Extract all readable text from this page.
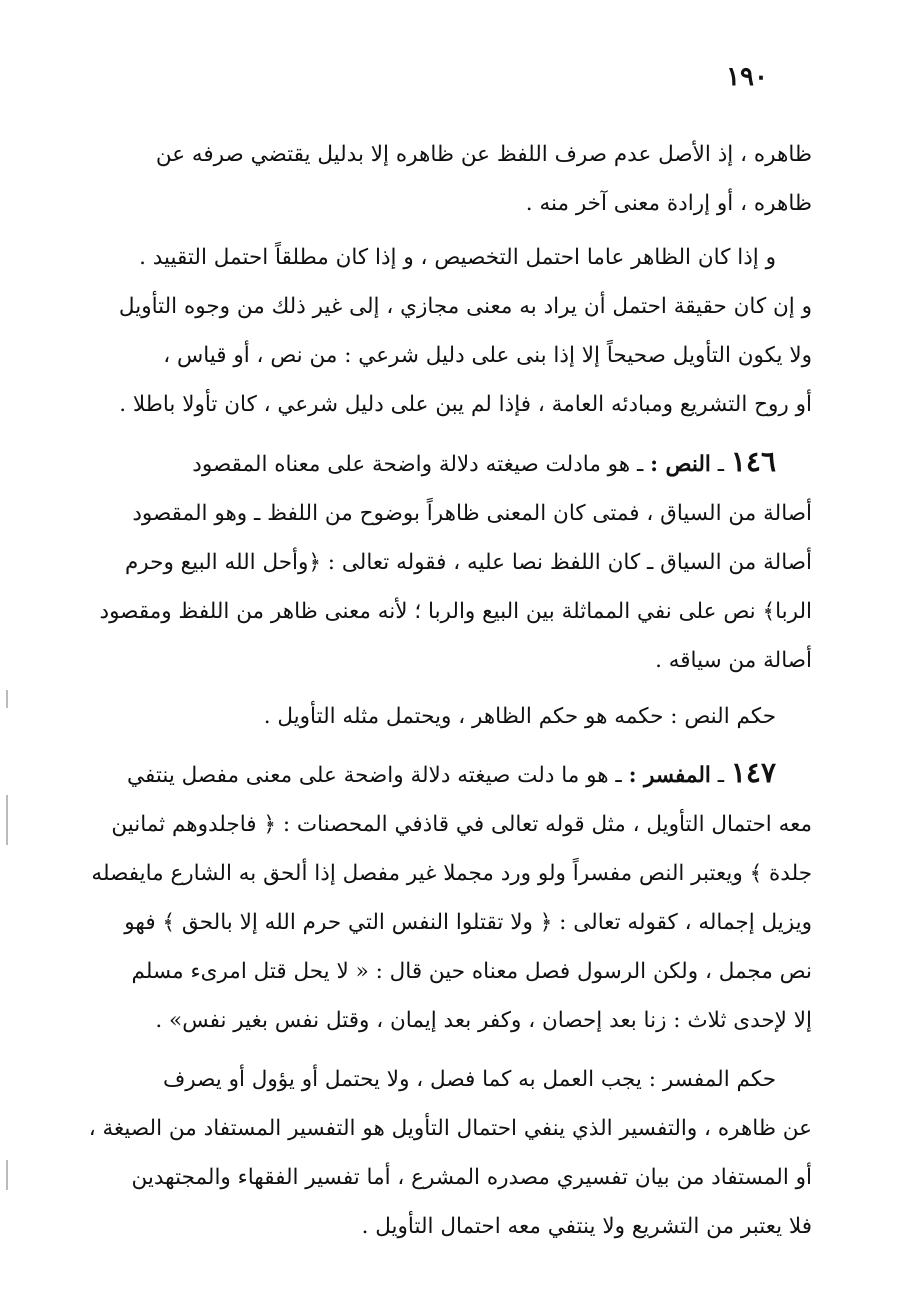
١٩٠
ظاهره ، إذ الأصل عدم صرف اللفظ عن ظاهره إلا بدليل يقتضي صرفه عن
ظاهره ، أو إرادة معنى آخر منه .
و إذا كان الظاهر عاما احتمل التخصيص ، و إذا كان مطلقاً احتمل التقييد .
و إن كان حقيقة احتمل أن يراد به معنى مجازي ، إلى غير ذلك من وجوه التأويل
ولا يكون التأويل صحيحاً إلا إذا بنى على دليل شرعي : من نص ، أو قياس ،
أو روح التشريع ومبادئه العامة ، فإذا لم يبن على دليل شرعي ، كان تأولا باطلا .
١٤٦ ـ النص : ـ هو مادلت صيغته دلالة واضحة على معناه المقصود
أصالة من السياق ، فمتى كان المعنى ظاهراً بوضوح من اللفظ ـ وهو المقصود
أصالة من السياق ـ كان اللفظ نصا عليه ، فقوله تعالى : ﴿وأحل الله البيع وحرم
الربا﴾ نص على نفي المماثلة بين البيع والربا ؛ لأنه معنى ظاهر من اللفظ ومقصود
أصالة من سياقه .
حكم النص : حكمه هو حكم الظاهر ، ويحتمل مثله التأويل .
١٤٧ ـ المفسر : ـ هو ما دلت صيغته دلالة واضحة على معنى مفصل ينتفي
معه احتمال التأويل ، مثل قوله تعالى في قاذفي المحصنات : ﴿ فاجلدوهم ثمانين
جلدة ﴾ ويعتبر النص مفسراً ولو ورد مجملا غير مفصل إذا ألحق به الشارع مايفصله
ويزيل إجماله ، كقوله تعالى : ﴿ ولا تقتلوا النفس التي حرم الله إلا بالحق ﴾ فهو
نص مجمل ، ولكن الرسول فصل معناه حين قال : « لا يحل قتل امرىء مسلم
إلا لإحدى ثلاث : زنا بعد إحصان ، وكفر بعد إيمان ، وقتل نفس بغير نفس» .
حكم المفسر : يجب العمل به كما فصل ، ولا يحتمل أو يؤول أو يصرف
عن ظاهره ، والتفسير الذي ينفي احتمال التأويل هو التفسير المستفاد من الصيغة ،
أو المستفاد من بيان تفسيري مصدره المشرع ، أما تفسير الفقهاء والمجتهدين
فلا يعتبر من التشريع ولا ينتفي معه احتمال التأويل .
